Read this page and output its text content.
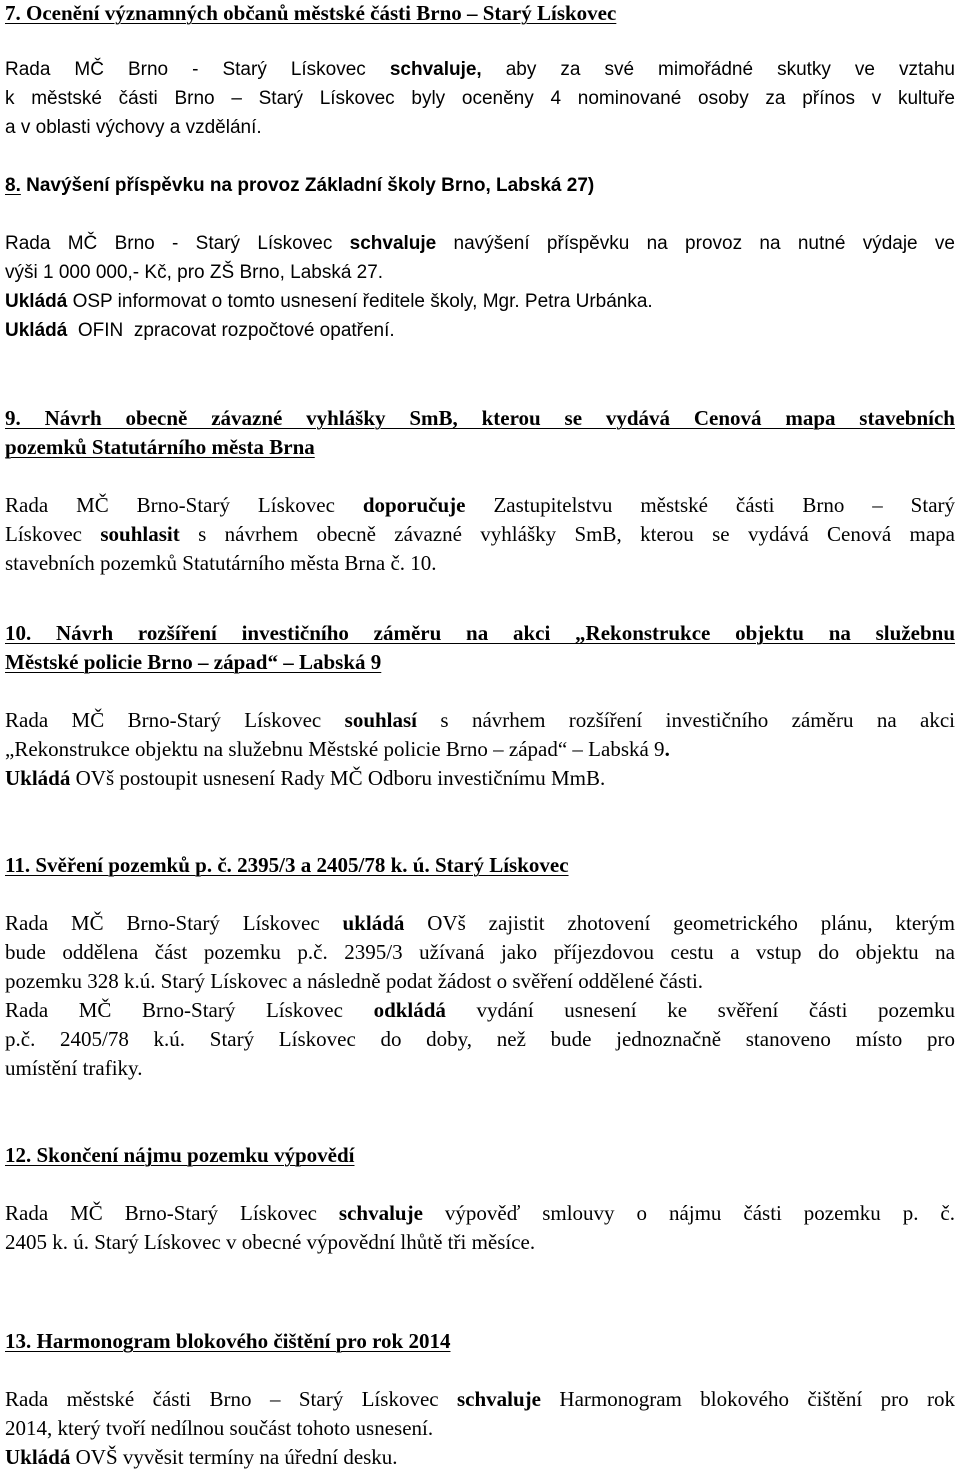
7. Ocenění významných občanů městské části Brno – Starý Lískovec
Rada MČ Brno - Starý Lískovec schvaluje, aby za své mimořádné skutky ve vztahu
k městské části Brno – Starý Lískovec byly oceněny 4 nominované osoby za přínos v kultuře
a v oblasti výchovy a vzdělání.
8. Navýšení příspěvku na provoz Základní školy Brno, Labská 27)
Rada MČ Brno - Starý Lískovec schvaluje navýšení příspěvku na provoz na nutné výdaje ve
výši 1 000 000,- Kč, pro ZŠ Brno, Labská 27.
Ukládá OSP informovat o tomto usnesení ředitele školy, Mgr. Petra Urbánka.
Ukládá  OFIN  zpracovat rozpočtové opatření.
9. Návrh obecně závazné vyhlášky SmB, kterou se vydává Cenová mapa stavebních
pozemků Statutárního města Brna
Rada MČ Brno-Starý Lískovec doporučuje Zastupitelstvu městské části Brno – Starý
Lískovec souhlasit s návrhem obecně závazné vyhlášky SmB, kterou se vydává Cenová mapa
stavebních pozemků Statutárního města Brna č. 10.
10. Návrh rozšíření investičního záměru na akci „Rekonstrukce objektu na služebnu
Městské policie Brno – západ“ – Labská 9
Rada MČ Brno-Starý Lískovec souhlasí s návrhem rozšíření investičního záměru na akci
„Rekonstrukce objektu na služebnu Městské policie Brno – západ“ – Labská 9.
Ukládá OVš postoupit usnesení Rady MČ Odboru investičnímu MmB.
11. Svěření pozemků p. č. 2395/3 a 2405/78 k. ú. Starý Lískovec
Rada MČ Brno-Starý Lískovec ukládá OVš zajistit zhotovení geometrického plánu, kterým
bude oddělena část pozemku p.č. 2395/3 užívaná jako příjezdovou cestu a vstup do objektu na
pozemku 328 k.ú. Starý Lískovec a následně podat žádost o svěření oddělené části.
Rada MČ Brno-Starý Lískovec odkládá vydání usnesení ke svěření části pozemku
p.č. 2405/78 k.ú. Starý Lískovec do doby, než bude jednoznačně stanoveno místo pro
umístění trafiky.
12. Skončení nájmu pozemku výpovědí
Rada MČ Brno-Starý Lískovec schvaluje výpověď smlouvy o nájmu části pozemku p. č.
2405 k. ú. Starý Lískovec v obecné výpovědní lhůtě tři měsíce.
13. Harmonogram blokového čištění pro rok 2014
Rada městské části Brno – Starý Lískovec schvaluje Harmonogram blokového čištění pro rok
2014, který tvoří nedílnou součást tohoto usnesení.
Ukládá OVŠ vyvěsit termíny na úřední desku.
